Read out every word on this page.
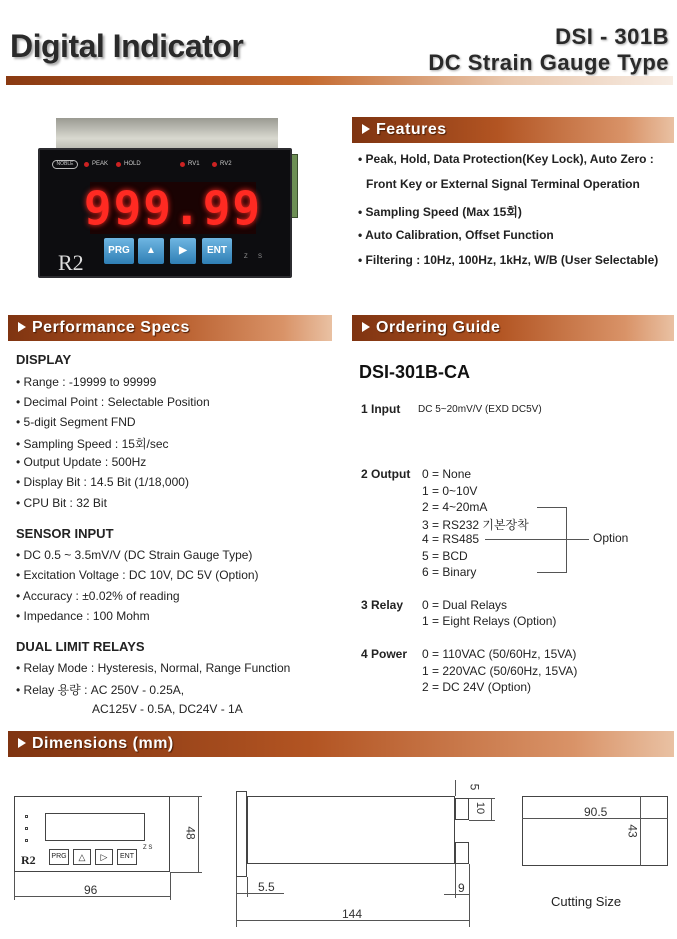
Digital Indicator	DSI - 301B
DC Strain Gauge Type
NOBLE	PEAK	HOLD	RV1	RV2
999.99
R2	PRG	▲	▶	ENT
Z S
Features
• Peak, Hold, Data Protection(Key Lock), Auto Zero :
Front Key or External Signal Terminal Operation
• Sampling Speed (Max 15회)
• Auto Calibration, Offset Function
• Filtering : 10Hz, 100Hz, 1kHz, W/B (User Selectable)
Performance Specs
DISPLAY
• Range : -19999 to 99999
• Decimal Point : Selectable Position
• 5-digit Segment FND
• Sampling Speed : 15회/sec
• Output Update : 500Hz
• Display Bit : 14.5 Bit (1/18,000)
• CPU Bit : 32 Bit
SENSOR INPUT
• DC 0.5 ~ 3.5mV/V (DC Strain Gauge Type)
• Excitation Voltage : DC 10V, DC 5V (Option)
• Accuracy : ±0.02% of reading
• Impedance : 100 Mohm
DUAL LIMIT RELAYS
• Relay Mode : Hysteresis, Normal, Range Function
• Relay 용량 : AC 250V - 0.25A,
AC125V - 0.5A, DC24V - 1A
Ordering Guide
DSI-301B-CA
1 Input DC 5~20mV/V (EXD DC5V)
2 Output 0 = None
1 = 0~10V
2 = 4~20mA
3 = RS232 기본장착
4 = RS485
5 = BCD
6 = Binary
Option
3 Relay 0 = Dual Relays
1 = Eight Relays (Option)
4 Power 0 = 110VAC (50/60Hz, 15VA)
1 = 220VAC (50/60Hz, 15VA)
2 = DC 24V (Option)
Dimensions (mm)
R2	PRG	△	▷	ENT
Z S
48
96
5
10
5.5	9
144
90.5
43
Cutting Size
